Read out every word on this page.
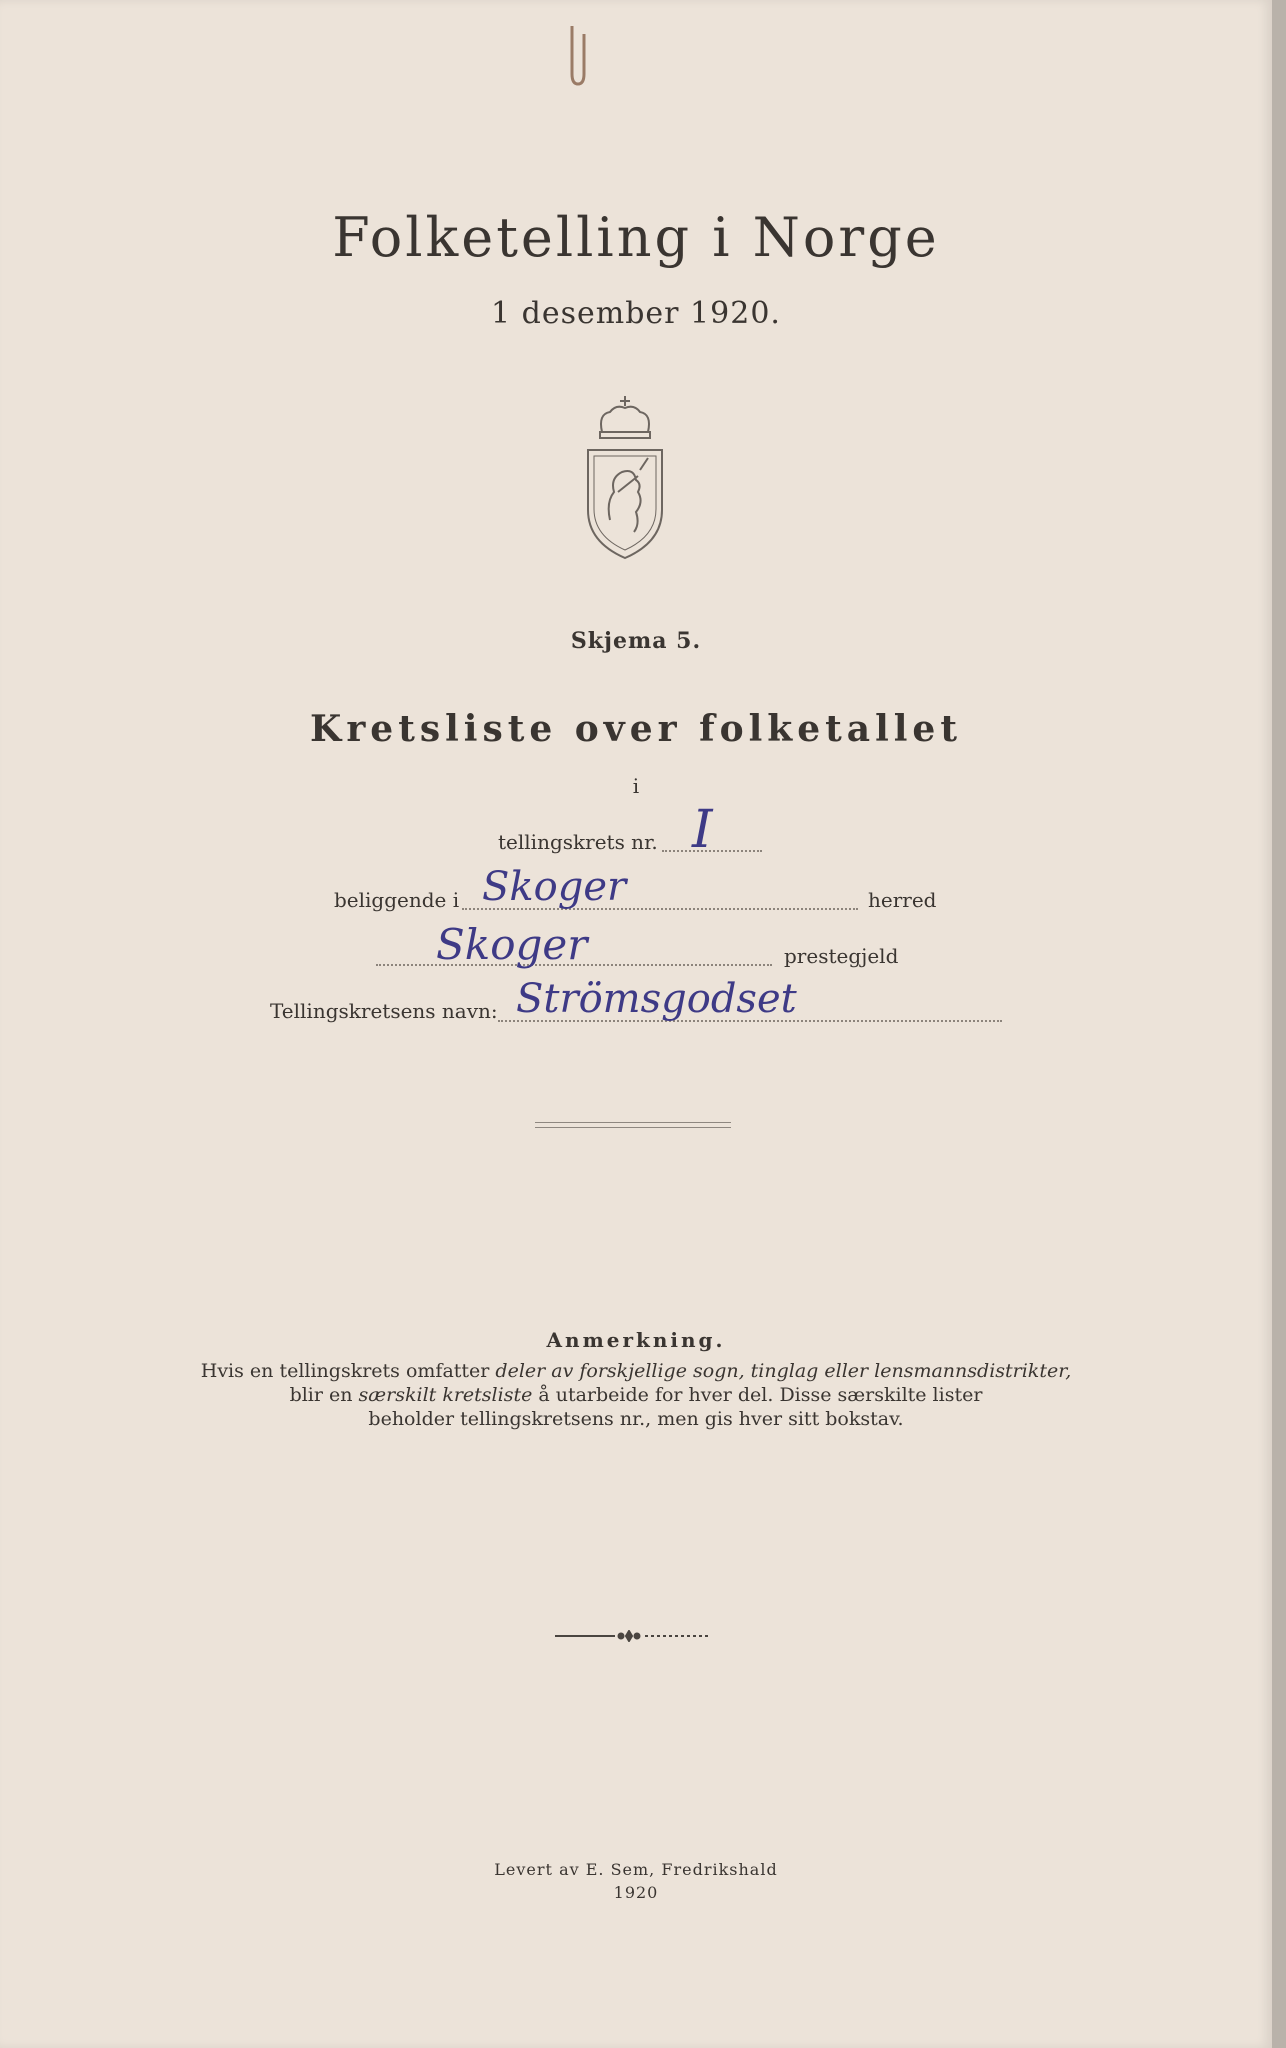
Folketelling i Norge
1 desember 1920.
Skjema 5.
Kretsliste over folketallet
i
tellingskrets nr. I
beliggende i Skoger	herred
Skoger	prestegjeld
Tellingskretsens navn: Strömsgodset
Anmerkning.
Hvis en tellingskrets omfatter deler av forskjellige sogn, tinglag eller lensmannsdistrikter,
blir en særskilt kretsliste å utarbeide for hver del. Disse særskilte lister
beholder tellingskretsens nr., men gis hver sitt bokstav.
Levert av E. Sem, Fredrikshald
1920
